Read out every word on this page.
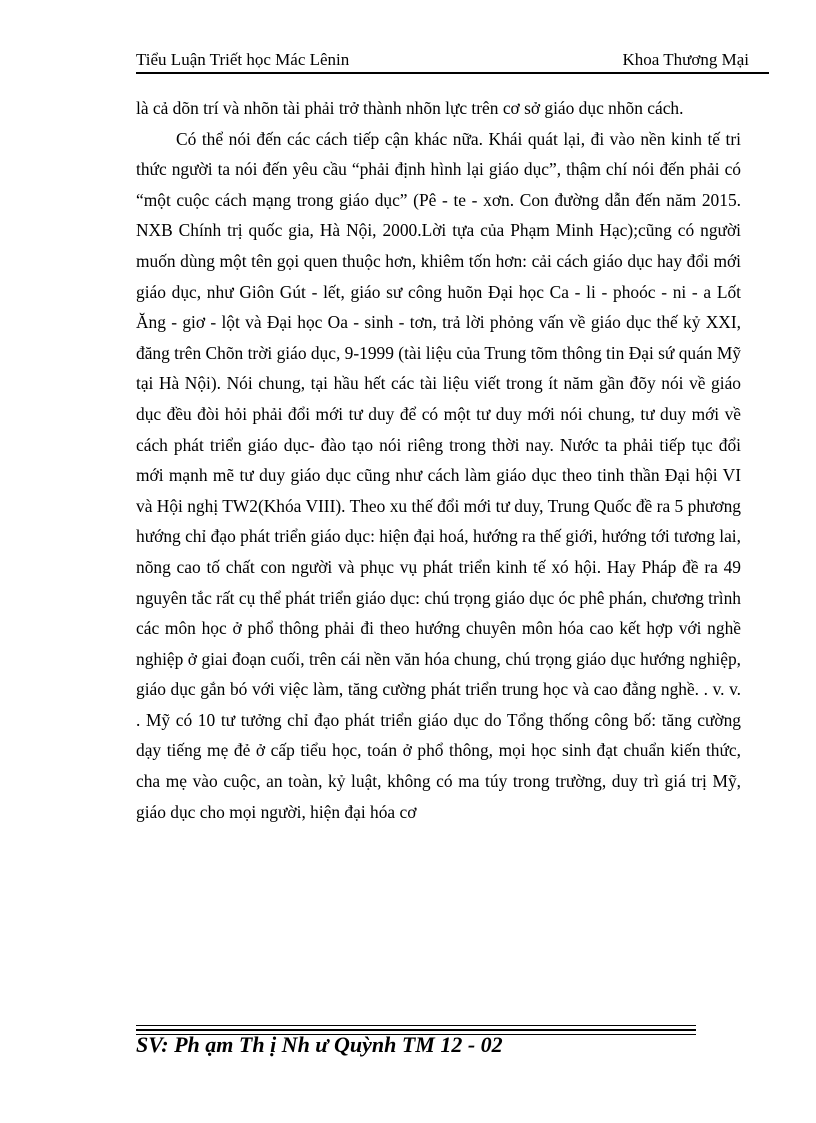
Tiểu Luận Triết học Mác Lênin	Khoa Thương Mại

là cả dõn trí và nhõn tài phải trở thành nhõn lực trên cơ sở giáo dục nhõn cách.

Có thể nói đến các cách tiếp cận khác nữa. Khái quát lại, đi vào nền kinh tế tri thức người ta nói đến yêu cầu “phải định hình lại giáo dục”, thậm chí nói đến phải có “một cuộc cách mạng trong giáo dục” (Pê - te - xơn. Con đường dẫn đến năm 2015. NXB Chính trị quốc gia, Hà Nội, 2000.Lời tựa của Phạm Minh Hạc);cũng có người muốn dùng một tên gọi quen thuộc hơn, khiêm tốn hơn: cải cách giáo dục hay đổi mới giáo dục, như Giôn Gút - lết, giáo sư công huõn Đại học Ca - li - phoóc - ni - a Lốt Ăng - giơ - lột và Đại học Oa - sinh - tơn, trả lời phỏng vấn về giáo dục thế kỷ XXI, đăng trên Chõn trời giáo dục, 9-1999 (tài liệu của Trung tõm thông tin Đại sứ quán Mỹ tại Hà Nội). Nói chung, tại hầu hết các tài liệu viết trong ít năm gần đõy nói về giáo dục đều đòi hỏi phải đổi mới tư duy để có một tư duy mới nói chung, tư duy mới về cách phát triển giáo dục- đào tạo nói riêng trong thời nay. Nước ta phải tiếp tục đổi mới mạnh mẽ tư duy giáo dục cũng như cách làm giáo dục theo tinh thần Đại hội VI và Hội nghị TW2(Khóa VIII). Theo xu thế đổi mới tư duy, Trung Quốc đề ra 5 phương hướng chỉ đạo phát triển giáo dục: hiện đại hoá, hướng ra thế giới, hướng tới tương lai, nõng cao tố chất con người và phục vụ phát triển kinh tế xó hội. Hay Pháp đề ra 49 nguyên tắc rất cụ thể phát triển giáo dục: chú trọng giáo dục óc phê phán, chương trình các môn học ở phổ thông phải đi theo hướng chuyên môn hóa cao kết hợp với nghề nghiệp ở giai đoạn cuối, trên cái nền văn hóa chung, chú trọng giáo dục hướng nghiệp, giáo dục gắn bó với việc làm, tăng cường phát triển trung học và cao đẳng nghề. . v. v. . Mỹ có 10 tư tưởng chỉ đạo phát triển giáo dục do Tổng thống công bố: tăng cường dạy tiếng mẹ đẻ ở cấp tiểu học, toán ở phổ thông, mọi học sinh đạt chuẩn kiến thức, cha mẹ vào cuộc, an toàn, kỷ luật, không có ma túy trong trường, duy trì giá trị Mỹ, giáo dục cho mọi người, hiện đại hóa cơ

SV: Ph ạm Th ị Nh ư Quỳnh TM 12 - 02
